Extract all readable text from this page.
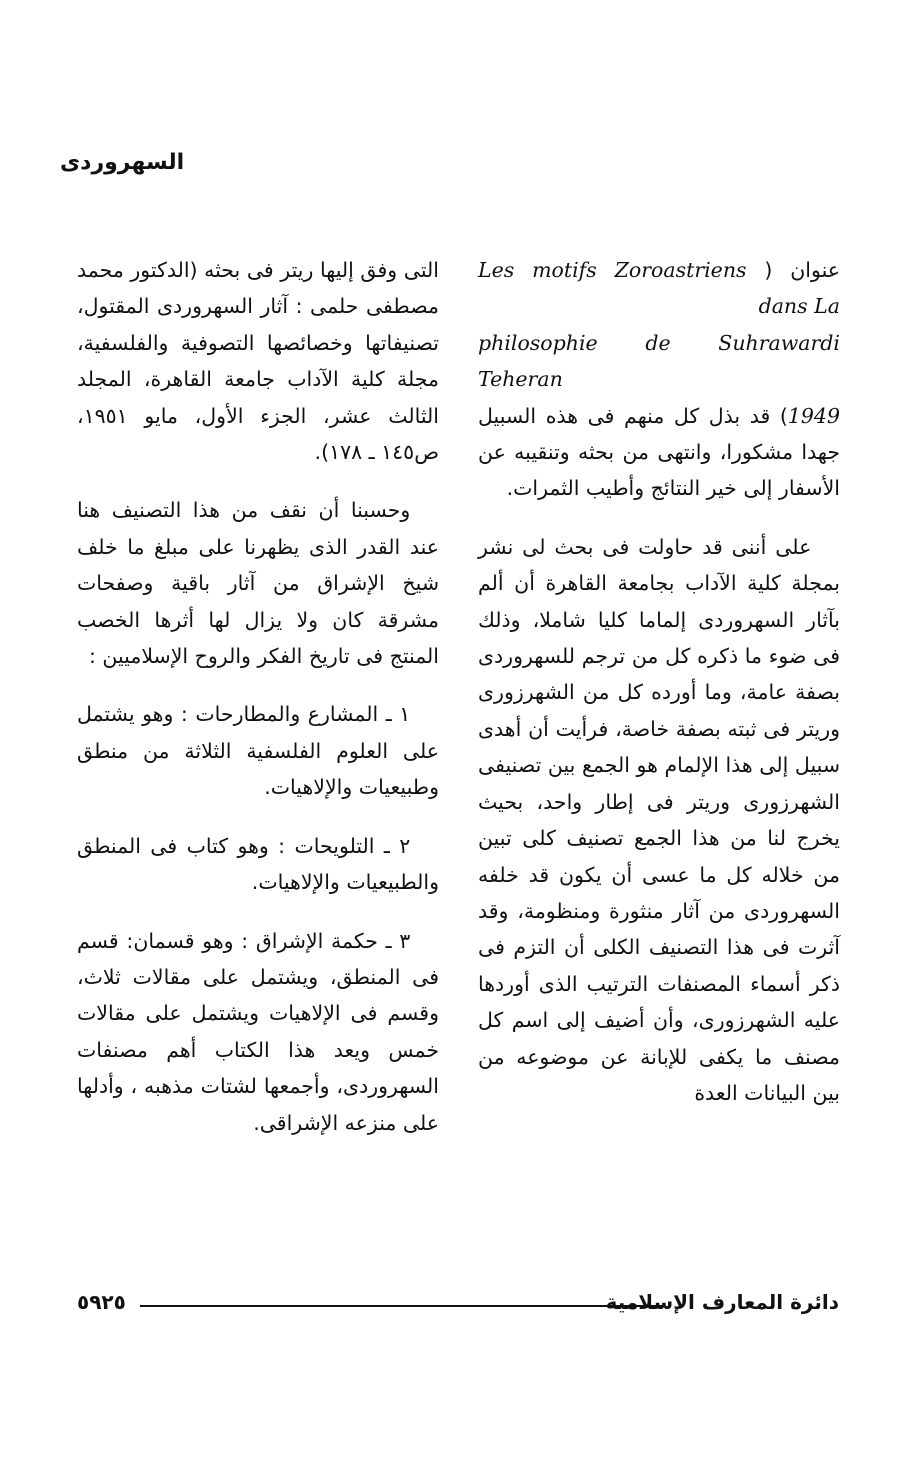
السهروردى

عنوان ( Les motifs Zoroastriens dans La
philosophie de Suhrawardi Teheran
1949) قد بذل كل منهم فى هذه السبيل جهدا مشكورا، وانتهى من بحثه وتنقيبه عن الأسفار إلى خير النتائج وأطيب الثمرات.

على أننى قد حاولت فى بحث لى نشر بمجلة كلية الآداب بجامعة القاهرة أن ألم بآثار السهروردى إلماما كليا شاملا، وذلك فى ضوء ما ذكره كل من ترجم للسهروردى بصفة عامة، وما أورده كل من الشهرزورى وريتر فى ثبته بصفة خاصة، فرأيت أن أهدى سبيل إلى هذا الإلمام هو الجمع بين تصنيفى الشهرزورى وريتر فى إطار واحد، بحيث يخرج لنا من هذا الجمع تصنيف كلى تبين من خلاله كل ما عسى أن يكون قد خلفه السهروردى من آثار منثورة ومنظومة، وقد آثرت فى هذا التصنيف الكلى أن التزم فى ذكر أسماء المصنفات الترتيب الذى أوردها عليه الشهرزورى، وأن أضيف إلى اسم كل مصنف ما يكفى للإبانة عن موضوعه من بين البيانات العدة

التى وفق إليها ريتر فى بحثه (الدكتور محمد مصطفى حلمى : آثار السهروردى المقتول، تصنيفاتها وخصائصها التصوفية والفلسفية، مجلة كلية الآداب جامعة القاهرة، المجلد الثالث عشر، الجزء الأول، مايو ١٩٥١، ص١٤٥ ـ ١٧٨).

وحسبنا أن نقف من هذا التصنيف هنا عند القدر الذى يظهرنا على مبلغ ما خلف شيخ الإشراق من آثار باقية وصفحات مشرقة كان ولا يزال لها أثرها الخصب المنتج فى تاريخ الفكر والروح الإسلاميين :

١ ـ المشارع والمطارحات : وهو يشتمل على العلوم الفلسفية الثلاثة من منطق وطبيعيات والإلاهيات.

٢ ـ التلويحات : وهو كتاب فى المنطق والطبيعيات والإلاهيات.

٣ ـ حكمة الإشراق : وهو قسمان: قسم فى المنطق، ويشتمل على مقالات ثلاث، وقسم فى الإلاهيات ويشتمل على مقالات خمس ويعد هذا الكتاب أهم مصنفات السهروردى، وأجمعها لشتات مذهبه ، وأدلها على منزعه الإشراقى.

دائرة المعارف الإسلامية
٥٩٢٥
